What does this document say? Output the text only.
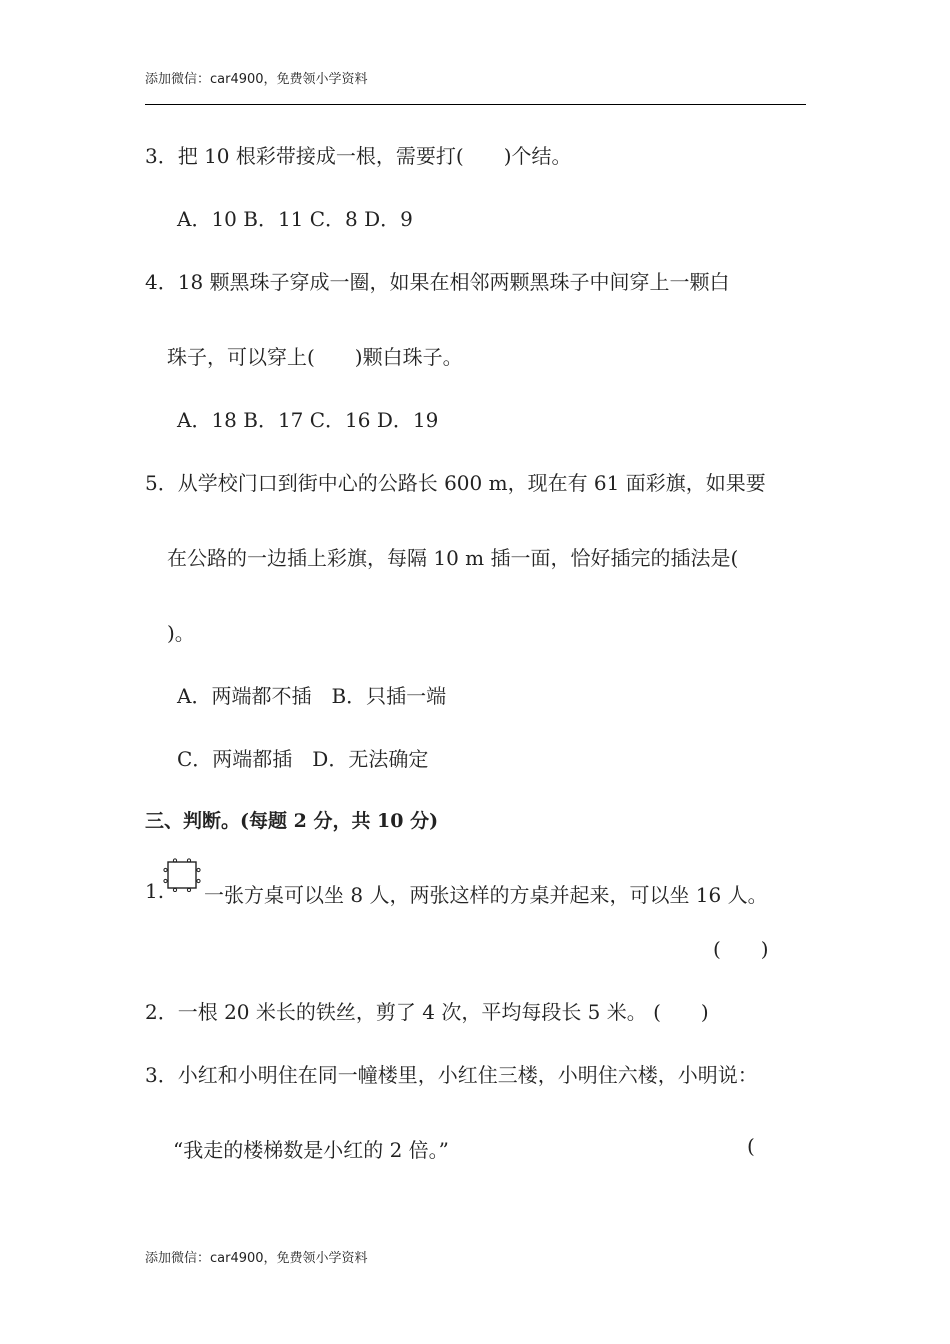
添加微信：car4900，免费领小学资料
3．把 10 根彩带接成一根，需要打(　　)个结。
A．10 B．11 C．8 D．9
4．18 颗黑珠子穿成一圈，如果在相邻两颗黑珠子中间穿上一颗白
珠子，可以穿上(　　)颗白珠子。
A．18 B．17 C．16 D．19
5．从学校门口到街中心的公路长 600 m，现在有 61 面彩旗，如果要
在公路的一边插上彩旗，每隔 10 m 插一面，恰好插完的插法是(
)。
A．两端都不插　B．只插一端
C．两端都插　D．无法确定
三、判断。(每题 2 分，共 10 分)
1. 一张方桌可以坐 8 人，两张这样的方桌并起来，可以坐 16 人。
(　　)
2．一根 20 米长的铁丝，剪了 4 次，平均每段长 5 米。 (　　)
3．小红和小明住在同一幢楼里，小红住三楼，小明住六楼，小明说：
“我走的楼梯数是小红的 2 倍。”	(
添加微信：car4900，免费领小学资料
